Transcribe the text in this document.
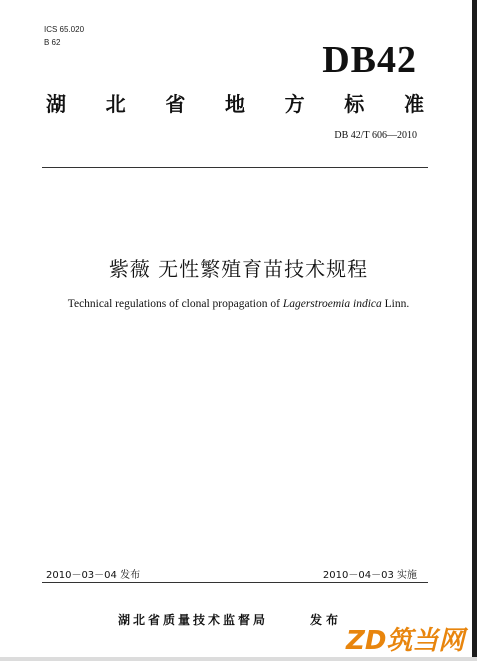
ICS 65.020
B 62	DB42
湖 北 省 地 方 标 准
DB 42/T 606—2010
紫薇 无性繁殖育苗技术规程
Technical regulations of clonal propagation of Lagerstroemia indica Linn.
2010－03－04 发布	2010－04－03 实施
湖北省质量技术监督局	发布
ZD筑当网
